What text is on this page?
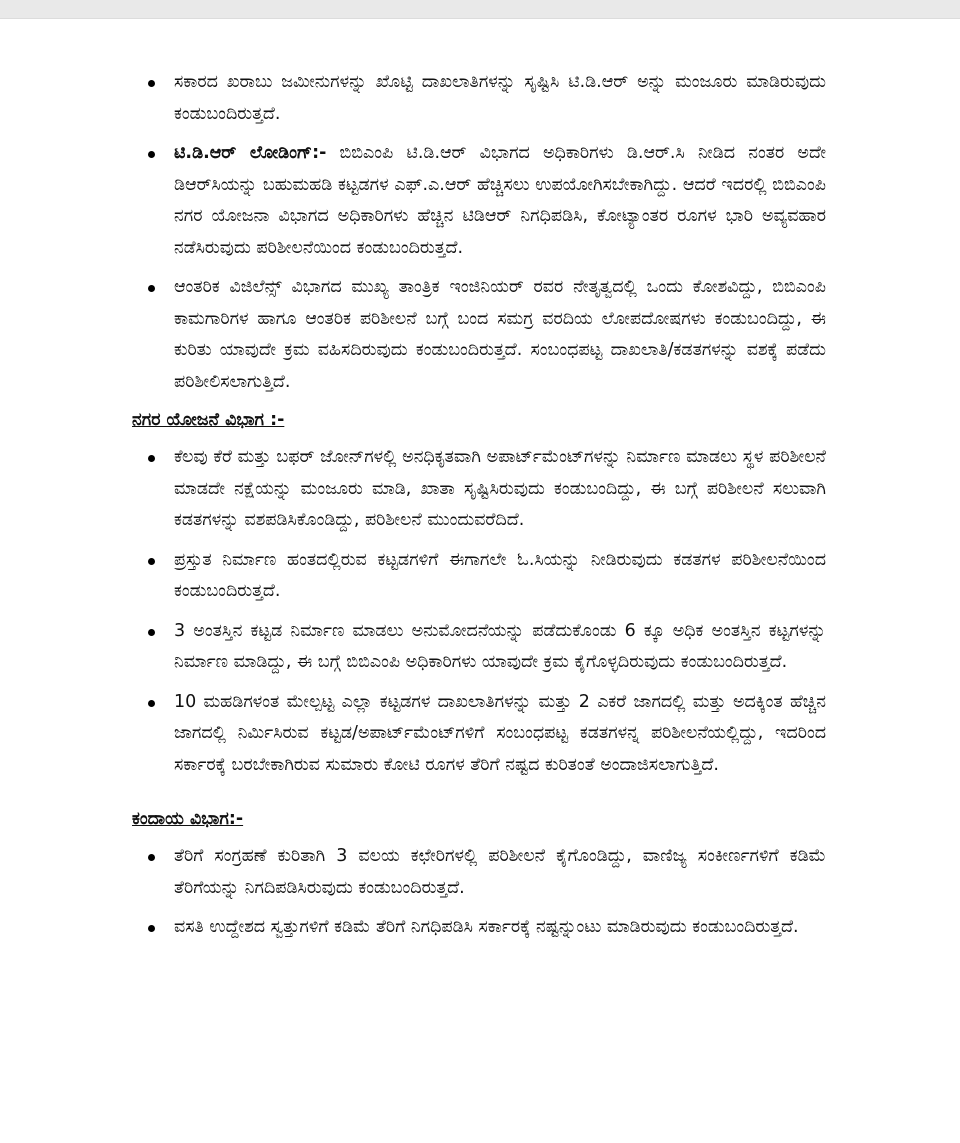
ಸಕಾರದ ಖರಾಬು ಜಮೀನುಗಳನ್ನು ಖೊಟ್ಟಿ ದಾಖಲಾತಿಗಳನ್ನು ಸೃಷ್ಟಿಸಿ ಟಿ.ಡಿ.ಆರ್ ಅನ್ನು ಮಂಜೂರು ಮಾಡಿರುವುದು ಕಂಡುಬಂದಿರುತ್ತದೆ.
ಟಿ.ಡಿ.ಆರ್ ಲೋಡಿಂಗ್:- ಬಿಬಿಎಂಪಿ ಟಿ.ಡಿ.ಆರ್ ವಿಭಾಗದ ಅಧಿಕಾರಿಗಳು ಡಿ.ಆರ್.ಸಿ ನೀಡಿದ ನಂತರ ಅದೇ ಡಿಆರ್‌ಸಿಯನ್ನು ಬಹುಮಹಡಿ ಕಟ್ಟಡಗಳ ಎಫ್.ಎ.ಆರ್ ಹೆಚ್ಚಿಸಲು ಉಪಯೋಗಿಸಬೇಕಾಗಿದ್ದು. ಆದರೆ ಇದರಲ್ಲಿ ಬಿಬಿಎಂಪಿ ನಗರ ಯೋಜನಾ ವಿಭಾಗದ ಅಧಿಕಾರಿಗಳು ಹೆಚ್ಚಿನ ಟಿಡಿಆರ್ ನಿಗಧಿಪಡಿಸಿ, ಕೋಟ್ಯಾಂತರ ರೂಗಳ ಭಾರಿ ಅವ್ಯವಹಾರ ನಡೆಸಿರುವುದು ಪರಿಶೀಲನೆಯಿಂದ ಕಂಡುಬಂದಿರುತ್ತದೆ.
ಆಂತರಿಕ ವಿಜಿಲೆನ್ಸ್ ವಿಭಾಗದ ಮುಖ್ಯ ತಾಂತ್ರಿಕ ಇಂಜಿನಿಯರ್ ರವರ ನೇತೃತ್ವದಲ್ಲಿ ಒಂದು ಕೋಶವಿದ್ದು, ಬಿಬಿಎಂಪಿ ಕಾಮಗಾರಿಗಳ ಹಾಗೂ ಆಂತರಿಕ ಪರಿಶೀಲನೆ ಬಗ್ಗೆ ಬಂದ ಸಮಗ್ರ ವರದಿಯ ಲೋಪದೋಷಗಳು ಕಂಡುಬಂದಿದ್ದು, ಈ ಕುರಿತು ಯಾವುದೇ ಕ್ರಮ ವಹಿಸದಿರುವುದು ಕಂಡುಬಂದಿರುತ್ತದೆ. ಸಂಬಂಧಪಟ್ಟ ದಾಖಲಾತಿ/ಕಡತಗಳನ್ನು ವಶಕ್ಕೆ ಪಡೆದು ಪರಿಶೀಲಿಸಲಾಗುತ್ತಿದೆ.
ನಗರ ಯೋಜನೆ ವಿಭಾಗ :-
ಕೆಲವು ಕೆರೆ ಮತ್ತು ಬಫರ್ ಜೋನ್‌ಗಳಲ್ಲಿ ಅನಧಿಕೃತವಾಗಿ ಅಪಾರ್ಟ್‌ಮೆಂಟ್‌ಗಳನ್ನು ನಿರ್ಮಾಣ ಮಾಡಲು ಸ್ಥಳ ಪರಿಶೀಲನೆ ಮಾಡದೇ ನಕ್ಷೆಯನ್ನು ಮಂಜೂರು ಮಾಡಿ, ಖಾತಾ ಸೃಷ್ಟಿಸಿರುವುದು ಕಂಡುಬಂದಿದ್ದು, ಈ ಬಗ್ಗೆ ಪರಿಶೀಲನೆ ಸಲುವಾಗಿ ಕಡತಗಳನ್ನು ವಶಪಡಿಸಿಕೊಂಡಿದ್ದು, ಪರಿಶೀಲನೆ ಮುಂದುವರೆದಿದೆ.
ಪ್ರಸ್ತುತ ನಿರ್ಮಾಣ ಹಂತದಲ್ಲಿರುವ ಕಟ್ಟಡಗಳಿಗೆ ಈಗಾಗಲೇ ಓ.ಸಿಯನ್ನು ನೀಡಿರುವುದು ಕಡತಗಳ ಪರಿಶೀಲನೆಯಿಂದ ಕಂಡುಬಂದಿರುತ್ತದೆ.
3 ಅಂತಸ್ತಿನ ಕಟ್ಟಡ ನಿರ್ಮಾಣ ಮಾಡಲು ಅನುಮೋದನೆಯನ್ನು ಪಡೆದುಕೊಂಡು 6 ಕ್ಕೂ ಅಧಿಕ ಅಂತಸ್ತಿನ ಕಟ್ಟಗಳನ್ನು ನಿರ್ಮಾಣ ಮಾಡಿದ್ದು, ಈ ಬಗ್ಗೆ ಬಿಬಿಎಂಪಿ ಅಧಿಕಾರಿಗಳು ಯಾವುದೇ ಕ್ರಮ ಕೈಗೊಳ್ಳದಿರುವುದು ಕಂಡುಬಂದಿರುತ್ತದೆ.
10 ಮಹಡಿಗಳಂತ ಮೇಲ್ಪಟ್ಟ ಎಲ್ಲಾ ಕಟ್ಟಡಗಳ ದಾಖಲಾತಿಗಳನ್ನು ಮತ್ತು 2 ಎಕರೆ ಜಾಗದಲ್ಲಿ ಮತ್ತು ಅದಕ್ಕಿಂತ ಹೆಚ್ಚಿನ ಜಾಗದಲ್ಲಿ ನಿರ್ಮಿಸಿರುವ ಕಟ್ಟಡ/ಅಪಾರ್ಟ್‌ಮೆಂಟ್‌ಗಳಿಗೆ ಸಂಬಂಧಪಟ್ಟ ಕಡತಗಳನ್ನ ಪರಿಶೀಲನೆಯಲ್ಲಿದ್ದು, ಇದರಿಂದ ಸರ್ಕಾರಕ್ಕೆ ಬರಬೇಕಾಗಿರುವ ಸುಮಾರು ಕೋಟಿ ರೂಗಳ ತೆರಿಗೆ ನಷ್ಟದ ಕುರಿತಂತೆ ಅಂದಾಜಿಸಲಾಗುತ್ತಿದೆ.
ಕಂದಾಯ ವಿಭಾಗ:-
ತೆರಿಗೆ ಸಂಗ್ರಹಣೆ ಕುರಿತಾಗಿ 3 ವಲಯ ಕಛೇರಿಗಳಲ್ಲಿ ಪರಿಶೀಲನೆ ಕೈಗೊಂಡಿದ್ದು, ವಾಣಿಜ್ಯ ಸಂಕೀರ್ಣಗಳಿಗೆ ಕಡಿಮೆ ತೆರಿಗೆಯನ್ನು ನಿಗದಿಪಡಿಸಿರುವುದು ಕಂಡುಬಂದಿರುತ್ತದೆ.
ವಸತಿ ಉದ್ದೇಶದ ಸ್ವತ್ತುಗಳಿಗೆ ಕಡಿಮೆ ತೆರಿಗೆ ನಿಗಧಿಪಡಿಸಿ ಸರ್ಕಾರಕ್ಕೆ ನಷ್ಟನ್ನುಂಟು ಮಾಡಿರುವುದು ಕಂಡುಬಂದಿರುತ್ತದೆ.
